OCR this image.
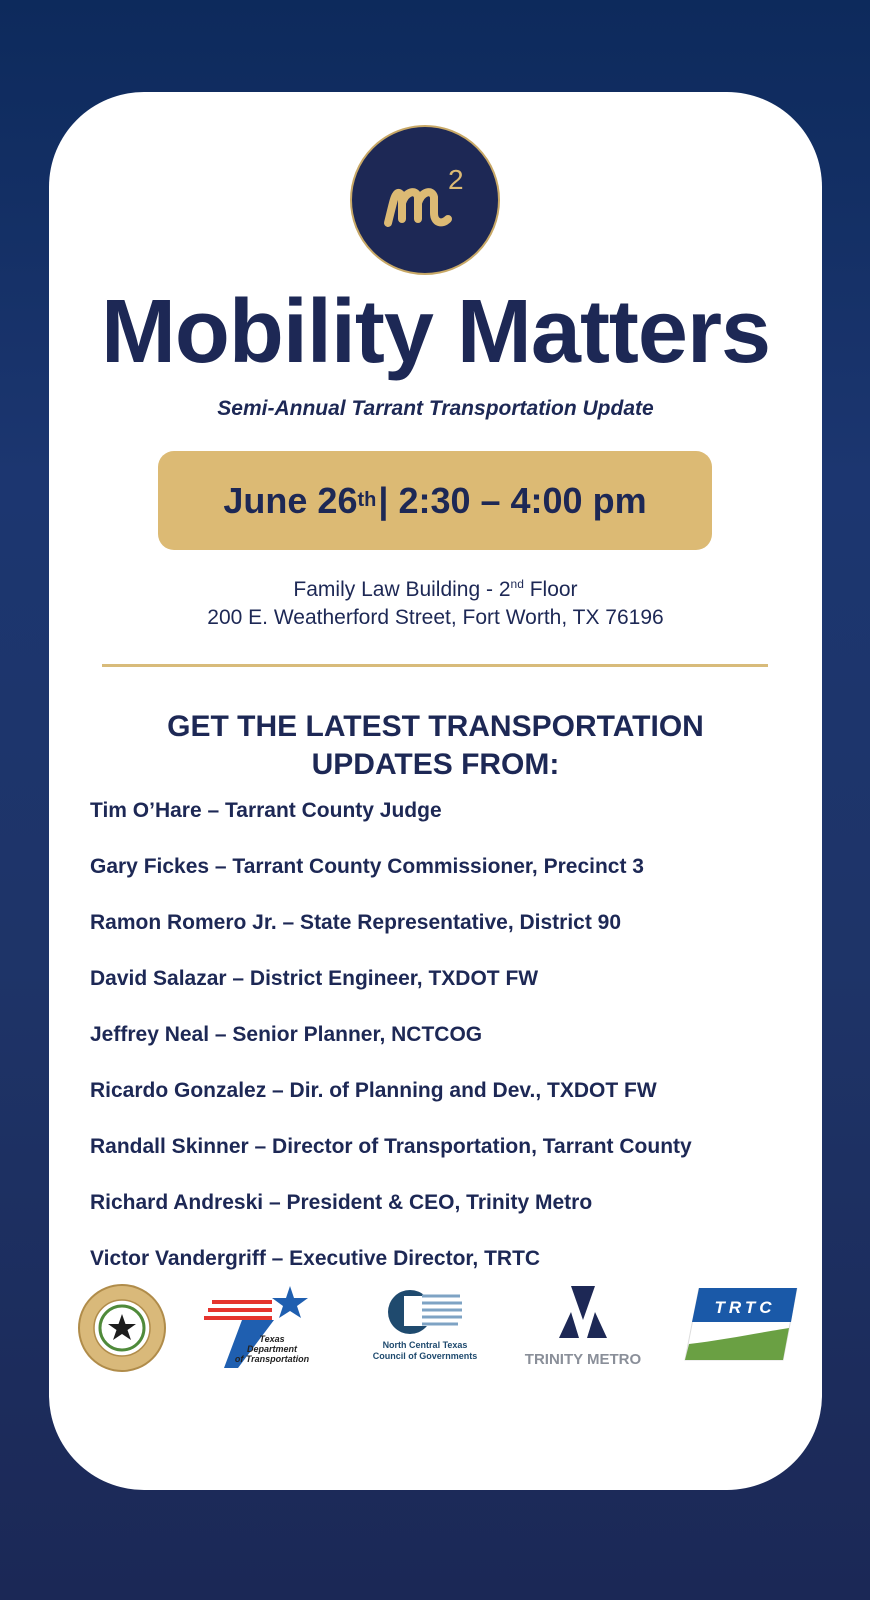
2
Mobility Matters
Semi-Annual Tarrant Transportation Update
June 26 th | 2:30 – 4:00 pm
Family Law Building - 2nd Floor
200 E. Weatherford Street, Fort Worth, TX 76196
GET THE LATEST TRANSPORTATION
UPDATES FROM:
Tim O’Hare – Tarrant County Judge
Gary Fickes – Tarrant County Commissioner, Precinct 3
Ramon Romero Jr. – State Representative, District 90
David Salazar – District Engineer, TXDOT FW
Jeffrey Neal – Senior Planner, NCTCOG
Ricardo Gonzalez – Dir. of Planning and Dev., TXDOT FW
Randall Skinner – Director of Transportation, Tarrant County
Richard Andreski – President & CEO, Trinity Metro
Victor Vandergriff – Executive Director, TRTC
Texas
Department
of Transportation
North Central Texas
Council of Governments	TRINITY METRO
TRTC
